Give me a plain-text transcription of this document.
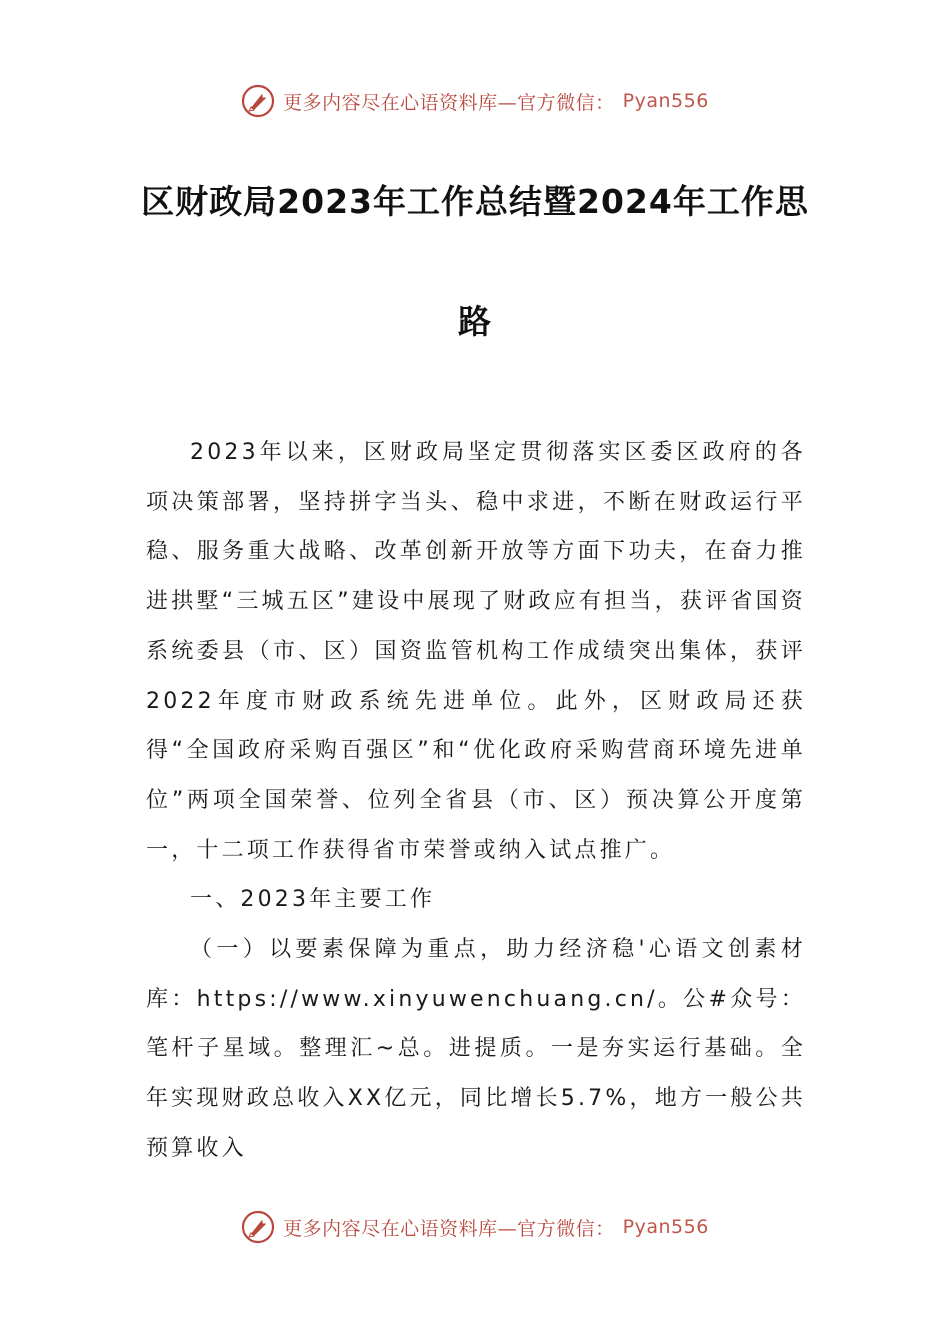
更多内容尽在心语资料库—官方微信： Pyan556
区财政局2023年工作总结暨2024年工作思
路

2023年以来，区财政局坚定贯彻落实区委区政府的各项决策部署，坚持拼字当头、稳中求进，不断在财政运行平稳、服务重大战略、改革创新开放等方面下功夫，在奋力推进拱墅“三城五区”建设中展现了财政应有担当，获评省国资系统委县（市、区）国资监管机构工作成绩突出集体，获评2022年度市财政系统先进单位。此外，区财政局还获得“全国政府采购百强区”和“优化政府采购营商环境先进单位”两项全国荣誉、位列全省县（市、区）预决算公开度第一，十二项工作获得省市荣誉或纳入试点推广。

一、2023年主要工作

（一）以要素保障为重点，助力经济稳'心语文创素材库：https://www.xinyuwenchuang.cn/。公#众号：笔杆子星域。整理汇~总。进提质。一是夯实运行基础。全年实现财政总收入XX亿元，同比增长5.7%，地方一般公共预算收入

更多内容尽在心语资料库—官方微信： Pyan556
